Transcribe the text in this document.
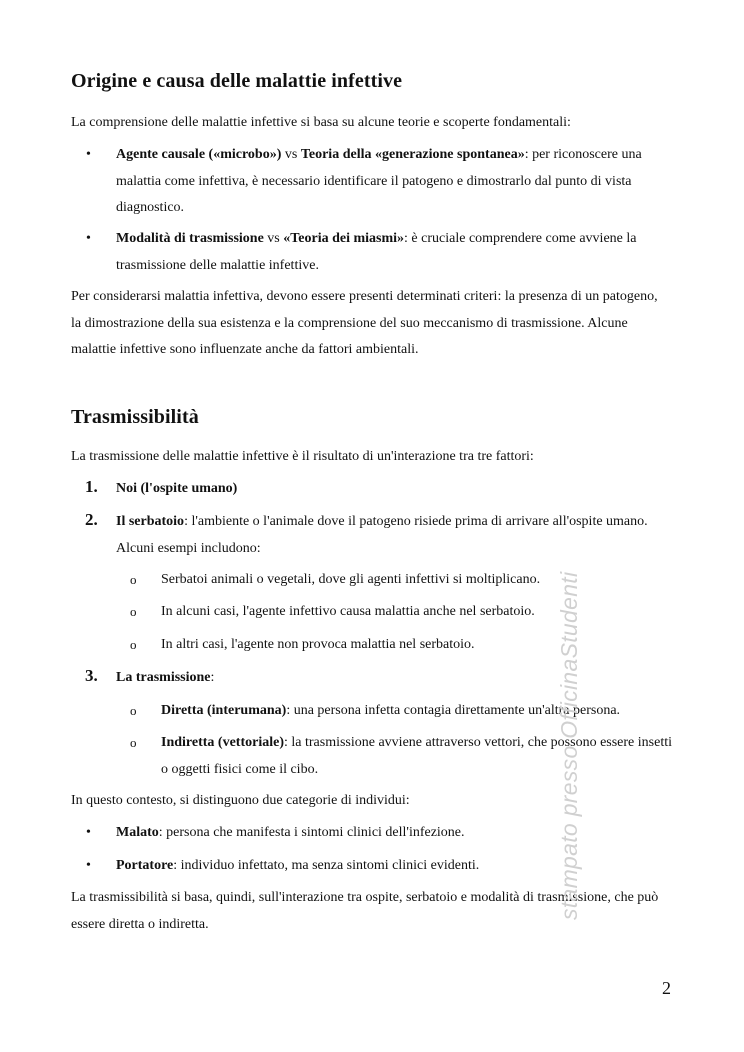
Origine e causa delle malattie infettive

La comprensione delle malattie infettive si basa su alcune teorie e scoperte fondamentali:

• Agente causale («microbo») vs Teoria della «generazione spontanea»: per riconoscere una malattia come infettiva, è necessario identificare il patogeno e dimostrarlo dal punto di vista diagnostico.
• Modalità di trasmissione vs «Teoria dei miasmi»: è cruciale comprendere come avviene la trasmissione delle malattie infettive.

Per considerarsi malattia infettiva, devono essere presenti determinati criteri: la presenza di un patogeno, la dimostrazione della sua esistenza e la comprensione del suo meccanismo di trasmissione. Alcune malattie infettive sono influenzate anche da fattori ambientali.

Trasmissibilità

La trasmissione delle malattie infettive è il risultato di un'interazione tra tre fattori:

1. Noi (l'ospite umano)
2. Il serbatoio: l'ambiente o l'animale dove il patogeno risiede prima di arrivare all'ospite umano. Alcuni esempi includono:
o Serbatoi animali o vegetali, dove gli agenti infettivi si moltiplicano.
o In alcuni casi, l'agente infettivo causa malattia anche nel serbatoio.
o In altri casi, l'agente non provoca malattia nel serbatoio.
3. La trasmissione:
o Diretta (interumana): una persona infetta contagia direttamente un'altra persona.
o Indiretta (vettoriale): la trasmissione avviene attraverso vettori, che possono essere insetti o oggetti fisici come il cibo.

In questo contesto, si distinguono due categorie di individui:

• Malato: persona che manifesta i sintomi clinici dell'infezione.
• Portatore: individuo infettato, ma senza sintomi clinici evidenti.

La trasmissibilità si basa, quindi, sull'interazione tra ospite, serbatoio e modalità di trasmissione, che può essere diretta o indiretta.

stampato presso OfficinaStudenti
2
